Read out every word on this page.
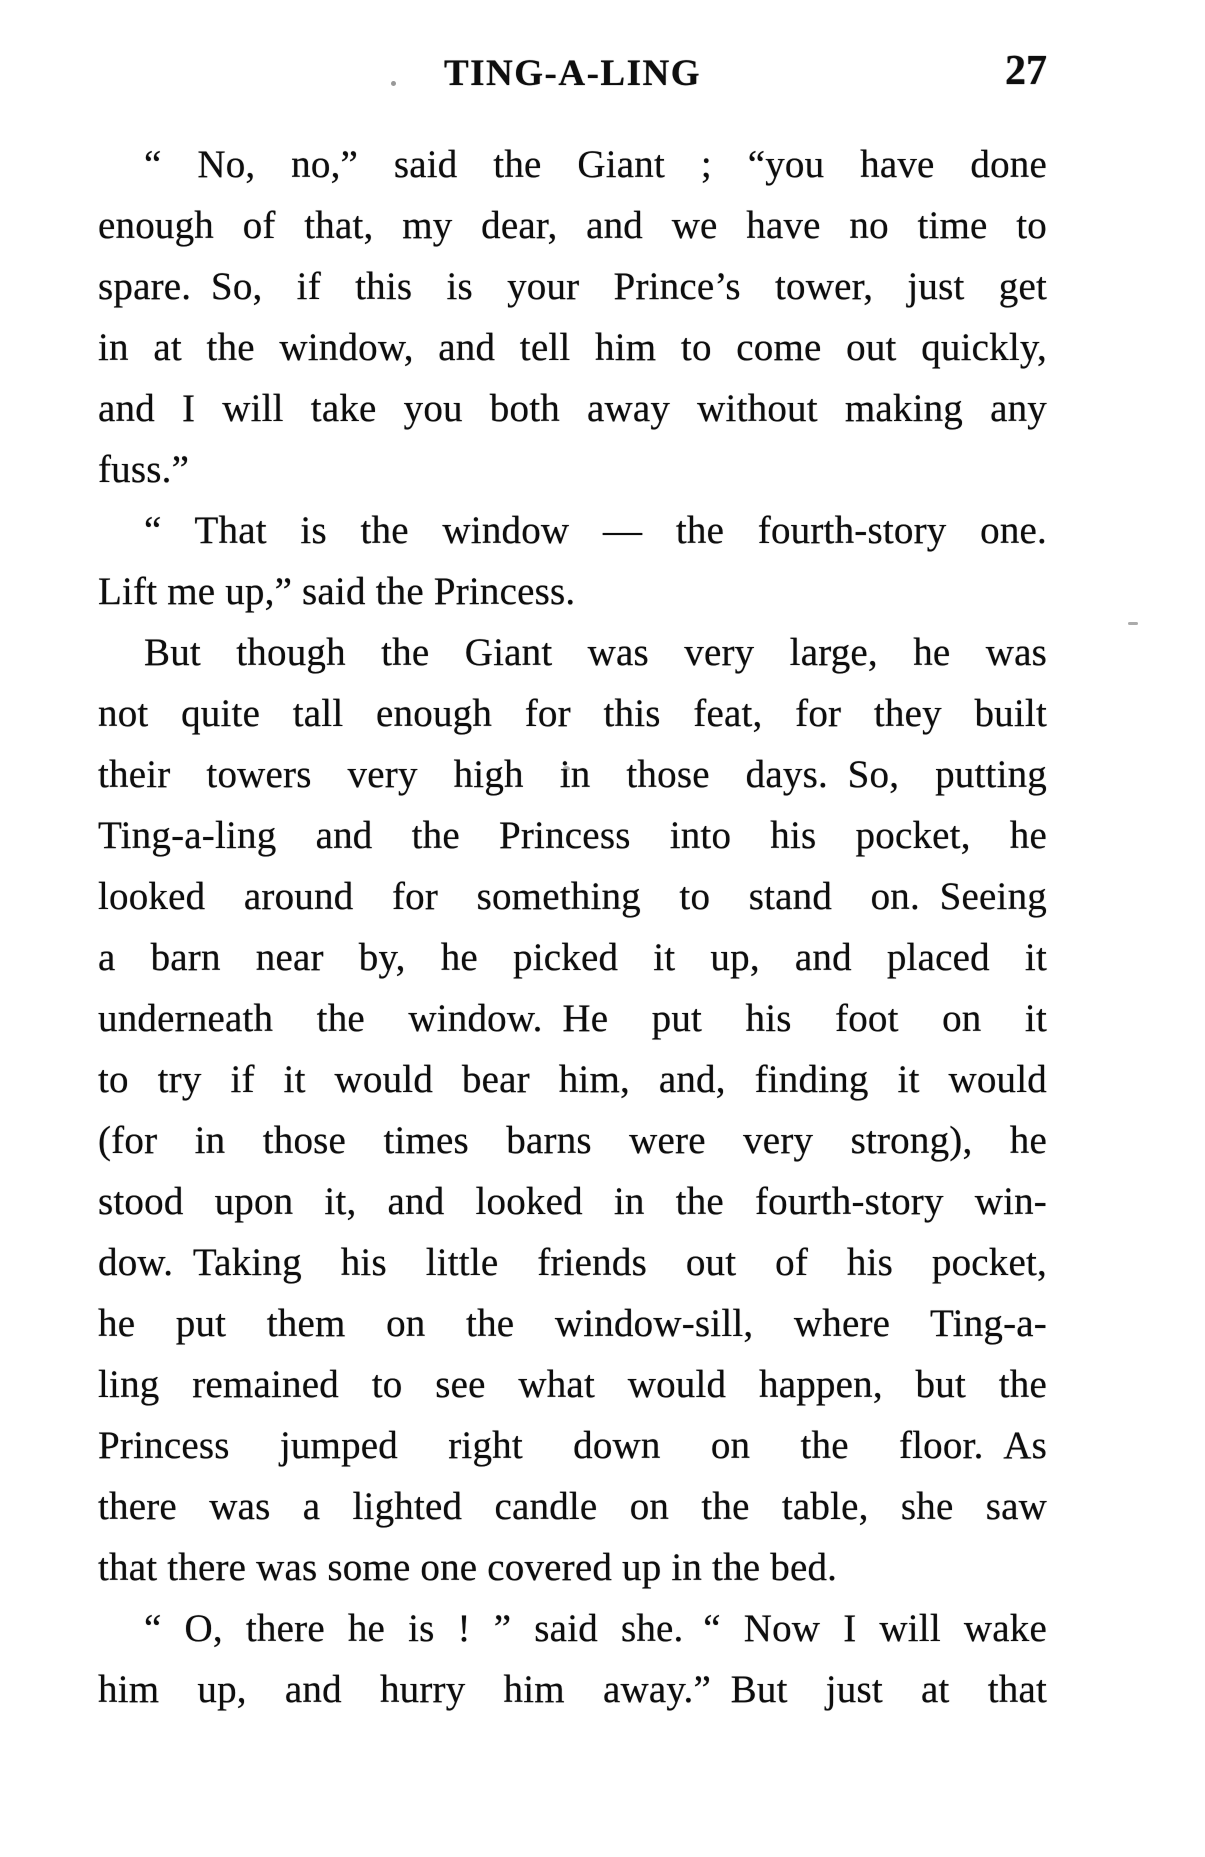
TING-A-LING	27
“ No, no,” said the Giant ; “you have done
enough of that, my dear, and we have no time to
spare. So, if this is your Prince’s tower, just get
in at the window, and tell him to come out quickly,
and I will take you both away without making any
fuss.”
“ That is the window — the fourth-story one.
Lift me up,” said the Princess.
But though the Giant was very large, he was
not quite tall enough for this feat, for they built
their towers very high in those days. So, putting
Ting-a-ling and the Princess into his pocket, he
looked around for something to stand on. Seeing
a barn near by, he picked it up, and placed it
underneath the window. He put his foot on it
to try if it would bear him, and, finding it would
(for in those times barns were very strong), he
stood upon it, and looked in the fourth-story win-
dow. Taking his little friends out of his pocket,
he put them on the window-sill, where Ting-a-
ling remained to see what would happen, but the
Princess jumped right down on the floor. As
there was a lighted candle on the table, she saw
that there was some one covered up in the bed.
“ O, there he is ! ” said she. “ Now I will wake
him up, and hurry him away.” But just at that
